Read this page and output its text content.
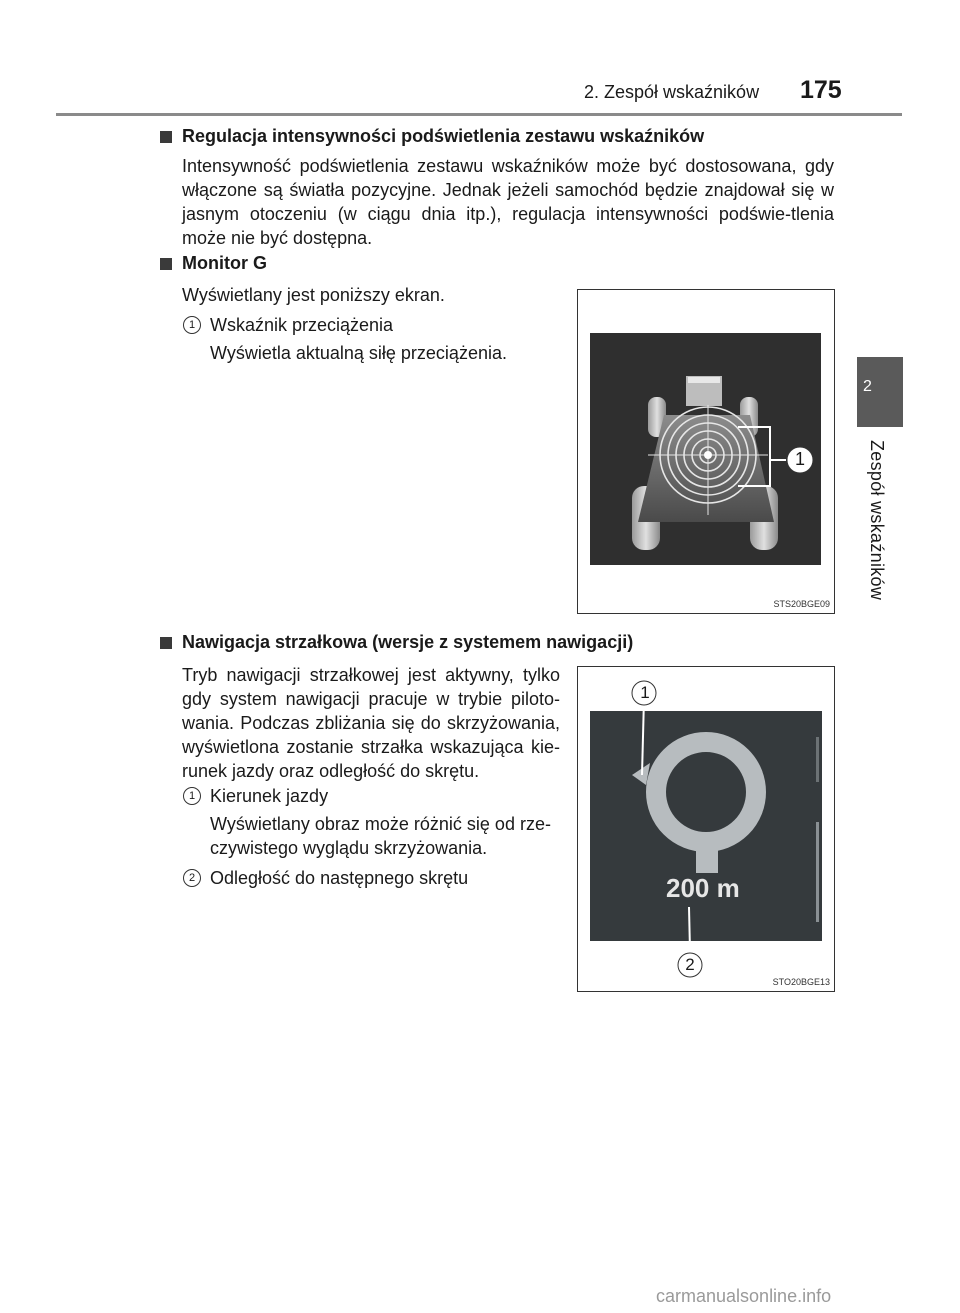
2. Zespół wskaźników 175
2
Zespół wskaźników
Regulacja intensywności podświetlenia zestawu wskaźników
Intensywność podświetlenia zestawu wskaźników może być dostosowana, gdy włączone są światła pozycyjne. Jednak jeżeli samochód będzie znajdował się w jasnym otoczeniu (w ciągu dnia itp.), regulacja intensywności podświe-tlenia może nie być dostępna.
Monitor G
Wyświetlany jest poniższy ekran.
1 Wskaźnik przeciążenia
Wyświetla aktualną siłę przeciążenia.
1
STS20BGE09
Nawigacja strzałkowa (wersje z systemem nawigacji)
Tryb nawigacji strzałkowej jest aktywny, tylko gdy system nawigacji pracuje w trybie piloto-wania. Podczas zbliżania się do skrzyżowania, wyświetlona zostanie strzałka wskazująca kie-runek jazdy oraz odległość do skrętu.
1 Kierunek jazdy
Wyświetlany obraz może różnić się od rze-czywistego wyglądu skrzyżowania.
2 Odległość do następnego skrętu
1
2
200 m
STO20BGE13
carmanualsonline.info
